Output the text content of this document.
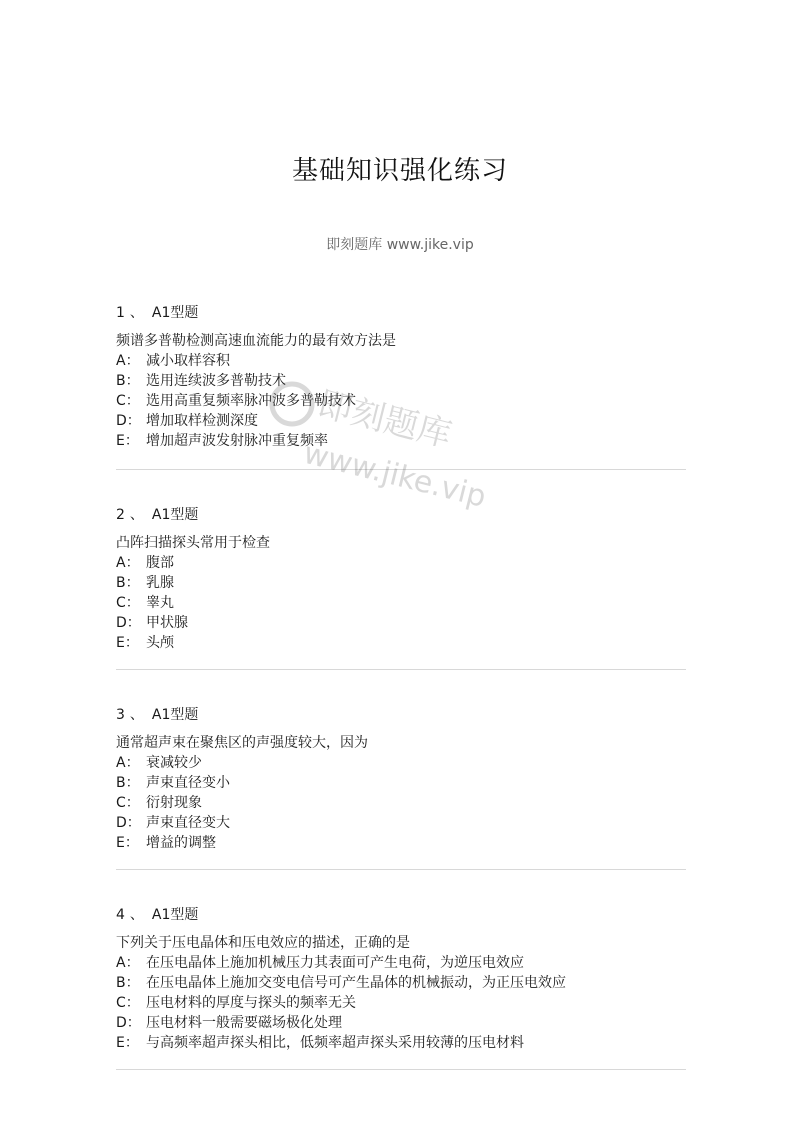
基础知识强化练习
即刻题库 www.jike.vip
1 、 A1型题
频谱多普勒检测高速血流能力的最有效方法是
A： 减小取样容积
B： 选用连续波多普勒技术
C： 选用高重复频率脉冲波多普勒技术
D： 增加取样检测深度
E： 增加超声波发射脉冲重复频率
2 、 A1型题
凸阵扫描探头常用于检查
A： 腹部
B： 乳腺
C： 睾丸
D： 甲状腺
E： 头颅
3 、 A1型题
通常超声束在聚焦区的声强度较大，因为
A： 衰减较少
B： 声束直径变小
C： 衍射现象
D： 声束直径变大
E： 增益的调整
4 、 A1型题
下列关于压电晶体和压电效应的描述，正确的是
A： 在压电晶体上施加机械压力其表面可产生电荷，为逆压电效应
B： 在压电晶体上施加交变电信号可产生晶体的机械振动，为正压电效应
C： 压电材料的厚度与探头的频率无关
D： 压电材料一般需要磁场极化处理
E： 与高频率超声探头相比，低频率超声探头采用较薄的压电材料
即刻题库
www.jike.vip
